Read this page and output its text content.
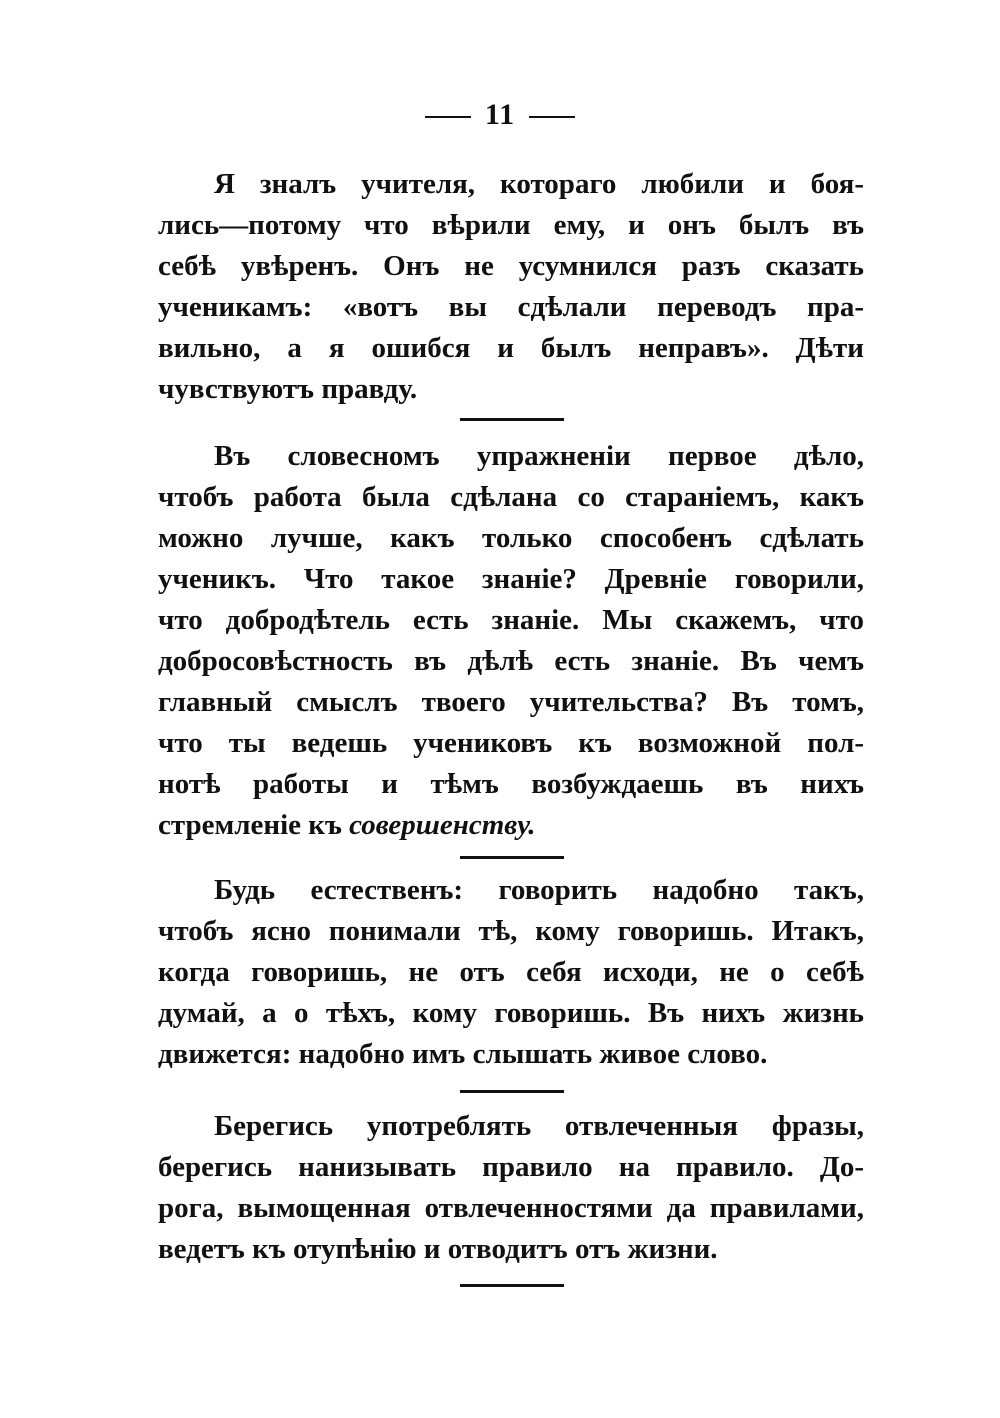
11
Я зналъ учителя, котораго любили и боя-
лись—потому что вѣрили ему, и онъ былъ въ
себѣ увѣренъ. Онъ не усумнился разъ сказать
ученикамъ: «вотъ вы сдѣлали переводъ пра-
вильно, а я ошибся и былъ неправъ». Дѣти
чувствуютъ правду.
Въ словесномъ упражненіи первое дѣло,
чтобъ работа была сдѣлана со стараніемъ, какъ
можно лучше, какъ только способенъ сдѣлать
ученикъ. Что такое знаніе? Древніе говорили,
что добродѣтель есть знаніе. Мы скажемъ, что
добросовѣстность въ дѣлѣ есть знаніе. Въ чемъ
главный смыслъ твоего учительства? Въ томъ,
что ты ведешь учениковъ къ возможной пол-
нотѣ работы и тѣмъ возбуждаешь въ нихъ
стремленіе къ совершенству.
Будь естественъ: говорить надобно такъ,
чтобъ ясно понимали тѣ, кому говоришь. Итакъ,
когда говоришь, не отъ себя исходи, не о себѣ
думай, а о тѣхъ, кому говоришь. Въ нихъ жизнь
движется: надобно имъ слышать живое слово.
Берегись употреблять отвлеченныя фразы,
берегись нанизывать правило на правило. До-
рога, вымощенная отвлеченностями да правилами,
ведетъ къ отупѣнію и отводитъ отъ жизни.
